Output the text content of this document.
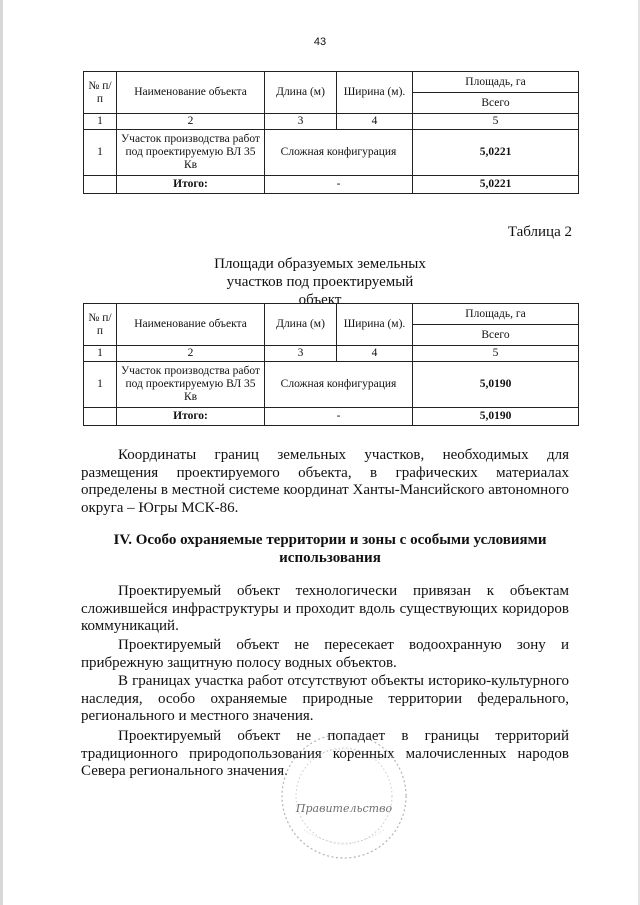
43
№ п/п	Наименование объекта	Длина (м)	Ширина (м).	Площадь, га
				Всего
1	2	3	4	5
1	Участок производства работ под проектируемую ВЛ 35 Кв	Сложная конфигурация		5,0221
	Итого:	-		5,0221
Таблица 2
Площади образуемых земельных участков под проектируемый объект
№ п/п	Наименование объекта	Длина (м)	Ширина (м).	Площадь, га
				Всего
1	2	3	4	5
1	Участок производства работ под проектируемую ВЛ 35 Кв	Сложная конфигурация		5,0190
	Итого:	-		5,0190

Координаты границ земельных участков, необходимых для размещения проектируемого объекта, в графических материалах определены в местной системе координат Ханты-Мансийского автономного округа – Югры МСК-86.

IV. Особо охраняемые территории и зоны с особыми условиями использования

Проектируемый объект технологически привязан к объектам сложившейся инфраструктуры и проходит вдоль существующих коридоров коммуникаций.

Проектируемый объект не пересекает водоохранную зону и прибрежную защитную полосу водных объектов.

В границах участка работ отсутствуют объекты историко-культурного наследия, особо охраняемые природные территории федерального, регионального и местного значения.

Проектируемый объект не попадает в границы территорий традиционного природопользования коренных малочисленных народов Севера регионального значения.

Правительство
